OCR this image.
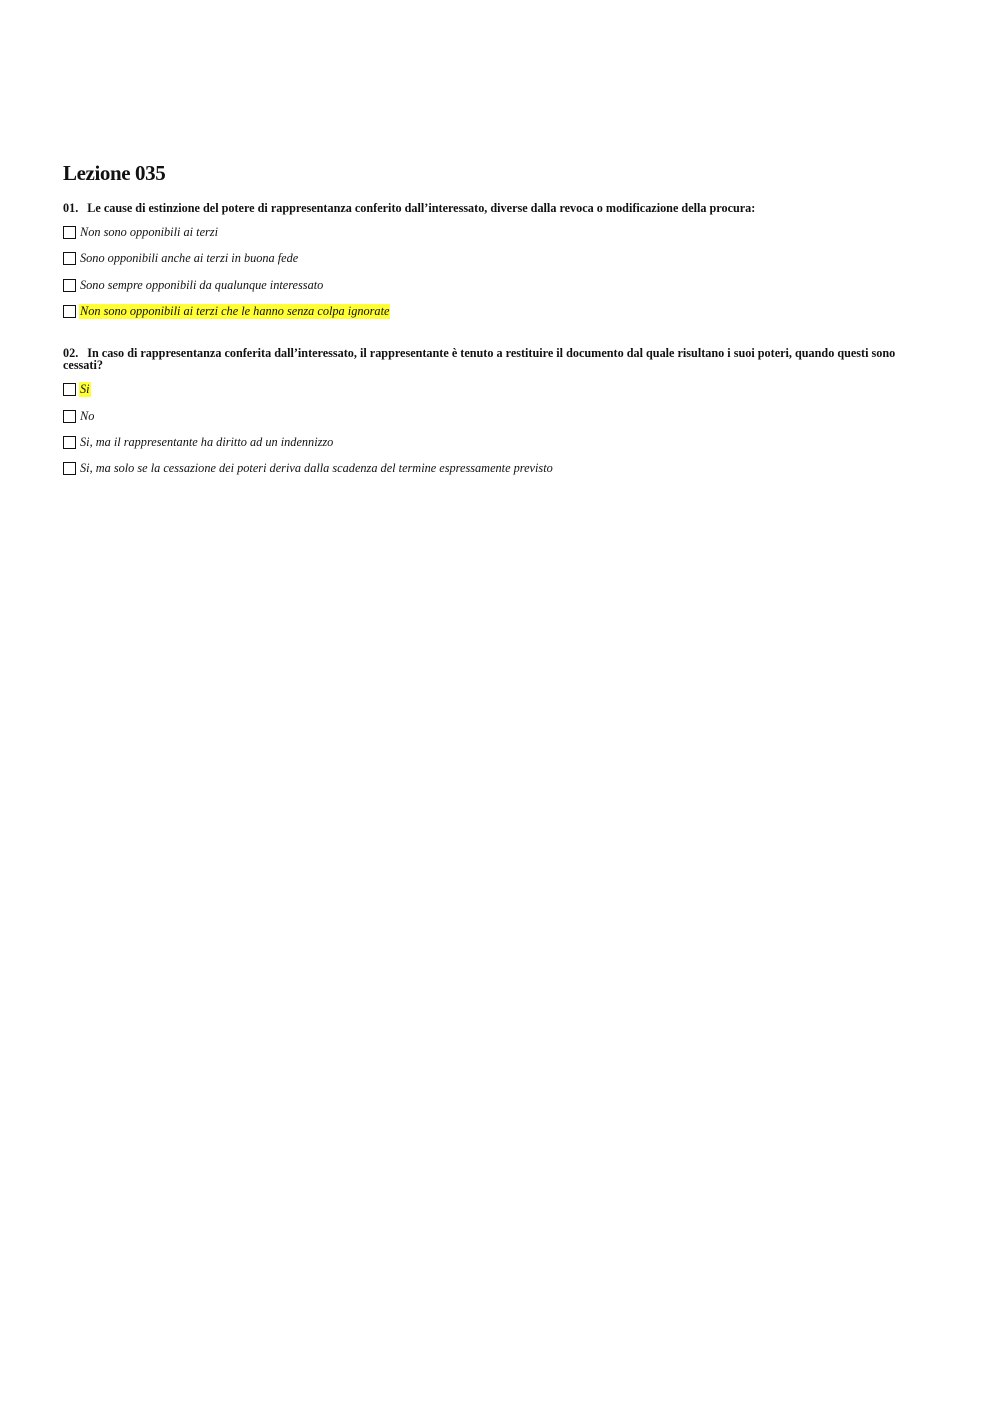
Lezione 035

01. Le cause di estinzione del potere di rappresentanza conferito dall’interessato, diverse dalla revoca o modificazione della procura:

Non sono opponibili ai terzi
Sono opponibili anche ai terzi in buona fede
Sono sempre opponibili da qualunque interessato
Non sono opponibili ai terzi che le hanno senza colpa ignorate

02. In caso di rappresentanza conferita dall’interessato, il rappresentante è tenuto a restituire il documento dal quale risultano i suoi poteri, quando questi sono cessati?

Si
No
Si, ma il rappresentante ha diritto ad un indennizzo
Si, ma solo se la cessazione dei poteri deriva dalla scadenza del termine espressamente previsto
